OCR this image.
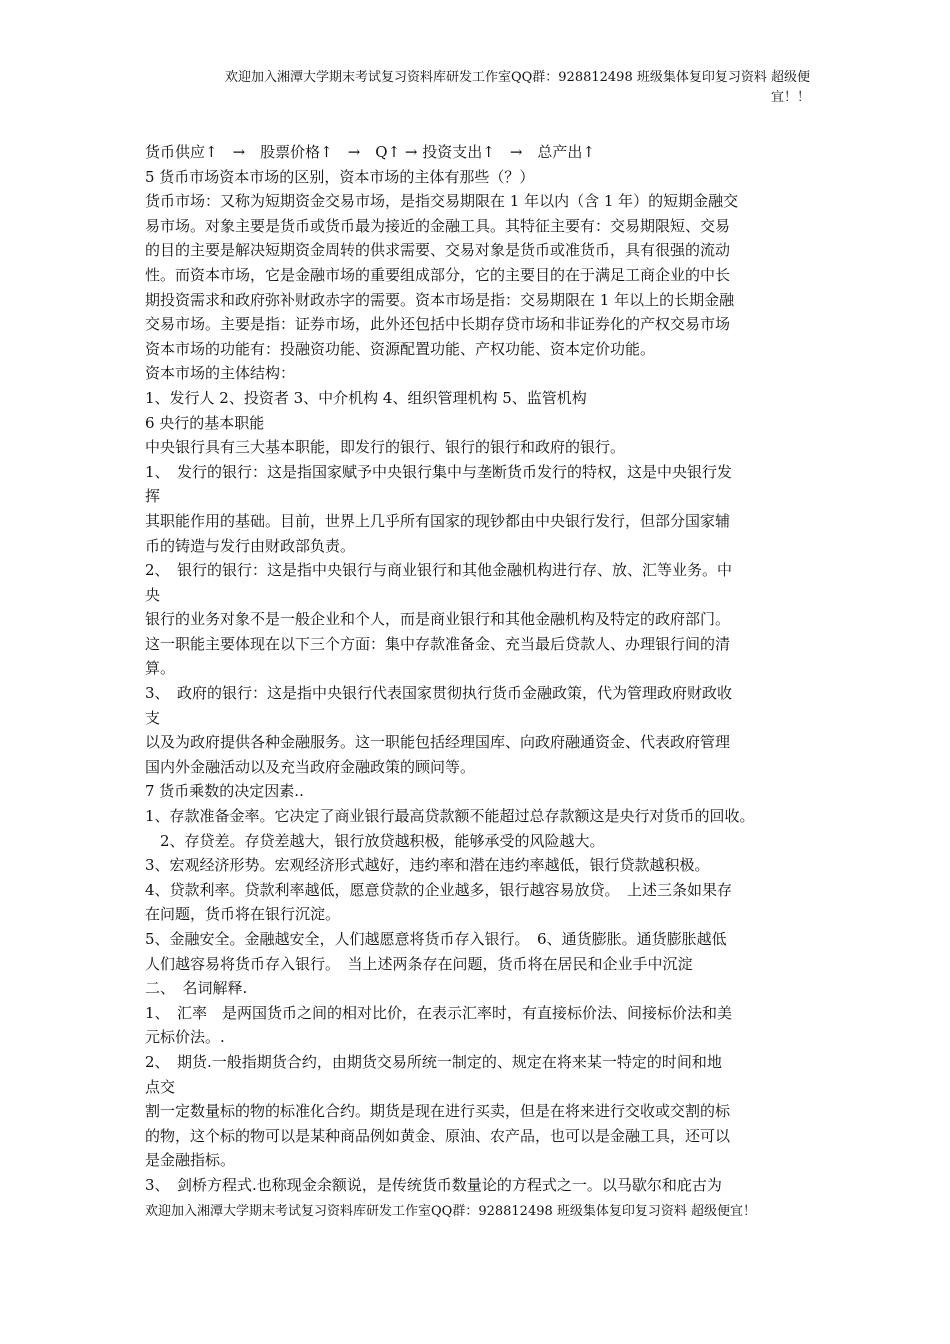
欢迎加入湘潭大学期末考试复习资料库研发工作室QQ群：928812498 班级集体复印复习资料 超级便
宜！！
货币供应↑　→　股票价格↑　→　Q↑ → 投资支出↑　→　总产出↑
5 货币市场资本市场的区别，资本市场的主体有那些（？）
货币市场：又称为短期资金交易市场，是指交易期限在 1 年以内（含 1 年）的短期金融交
易市场。对象主要是货币或货币最为接近的金融工具。其特征主要有：交易期限短、交易
的目的主要是解决短期资金周转的供求需要、交易对象是货币或准货币，具有很强的流动
性。而资本市场，它是金融市场的重要组成部分，它的主要目的在于满足工商企业的中长
期投资需求和政府弥补财政赤字的需要。资本市场是指：交易期限在 1 年以上的长期金融
交易市场。主要是指：证券市场，此外还包括中长期存贷市场和非证券化的产权交易市场
资本市场的功能有：投融资功能、资源配置功能、产权功能、资本定价功能。
资本市场的主体结构：
1、发行人 2、投资者 3、中介机构 4、组织管理机构 5、监管机构
6 央行的基本职能
中央银行具有三大基本职能，即发行的银行、银行的银行和政府的银行。
1、　发行的银行：这是指国家赋予中央银行集中与垄断货币发行的特权，这是中央银行发
挥
其职能作用的基础。目前，世界上几乎所有国家的现钞都由中央银行发行，但部分国家辅
币的铸造与发行由财政部负责。
2、　银行的银行：这是指中央银行与商业银行和其他金融机构进行存、放、汇等业务。中
央
银行的业务对象不是一般企业和个人，而是商业银行和其他金融机构及特定的政府部门。
这一职能主要体现在以下三个方面：集中存款准备金、充当最后贷款人、办理银行间的清
算。
3、　政府的银行：这是指中央银行代表国家贯彻执行货币金融政策，代为管理政府财政收
支
以及为政府提供各种金融服务。这一职能包括经理国库、向政府融通资金、代表政府管理
国内外金融活动以及充当政府金融政策的顾问等。
7 货币乘数的决定因素..
1、存款准备金率。它决定了商业银行最高贷款额不能超过总存款额这是央行对货币的回收。
　2、存贷差。存贷差越大，银行放贷越积极，能够承受的风险越大。
3、宏观经济形势。宏观经济形式越好，违约率和潜在违约率越低，银行贷款越积极。
4、贷款利率。贷款利率越低，愿意贷款的企业越多，银行越容易放贷。　上述三条如果存
在问题，货币将在银行沉淀。
5、金融安全。金融越安全，人们越愿意将货币存入银行。　6、通货膨胀。通货膨胀越低
人们越容易将货币存入银行。　当上述两条存在问题，货币将在居民和企业手中沉淀
二、　名词解释.
1、　汇率　是两国货币之间的相对比价，在表示汇率时，有直接标价法、间接标价法和美
元标价法。.
2、　期货.一般指期货合约，由期货交易所统一制定的、规定在将来某一特定的时间和地
点交
割一定数量标的物的标准化合约。期货是现在进行买卖，但是在将来进行交收或交割的标
的物，这个标的物可以是某种商品例如黄金、原油、农产品，也可以是金融工具，还可以
是金融指标。
3、　剑桥方程式.也称现金余额说，是传统货币数量论的方程式之一。以马歇尔和庇古为
欢迎加入湘潭大学期末考试复习资料库研发工作室QQ群：928812498 班级集体复印复习资料 超级便宜！
